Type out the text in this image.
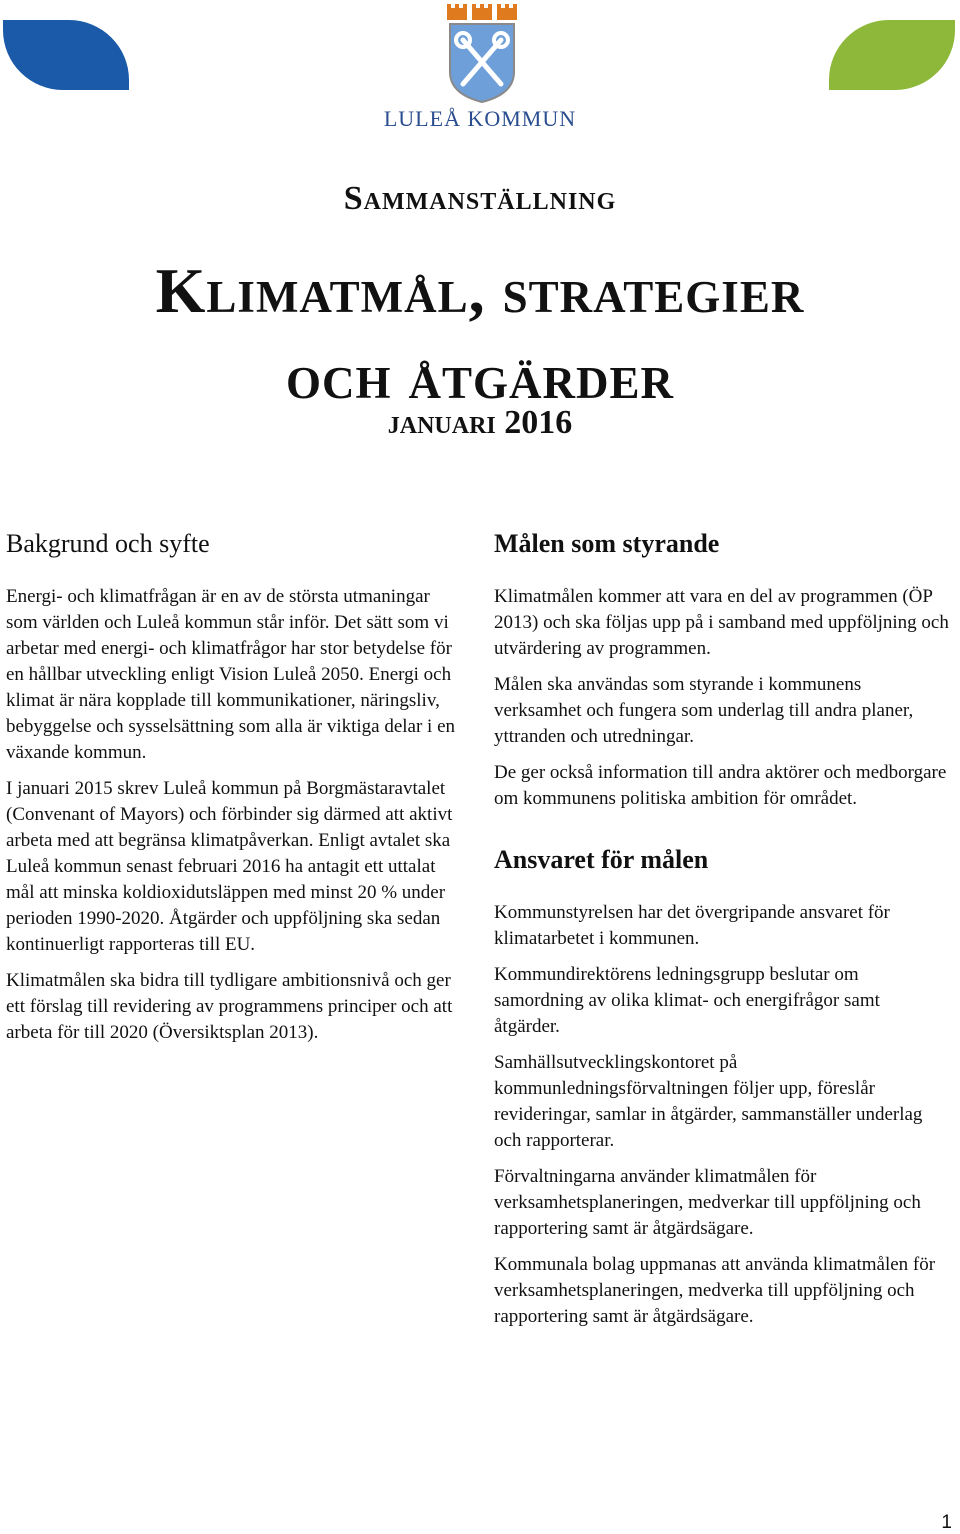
LULEÅ KOMMUN
Sammanställning
Klimatmål, strategier
och åtgärder
januari 2016
Bakgrund och syfte

Energi- och klimatfrågan är en av de största utmaningar som världen och Luleå kommun står inför. Det sätt som vi arbetar med energi- och klimatfrågor har stor betydelse för en hållbar utveckling enligt Vision Luleå 2050. Energi och klimat är nära kopplade till kommunikationer, näringsliv, bebyggelse och sysselsättning som alla är viktiga delar i en växande kommun.

I januari 2015 skrev Luleå kommun på Borgmästaravtalet (Convenant of Mayors) och förbinder sig därmed att aktivt arbeta med att begränsa klimatpåverkan. Enligt avtalet ska Luleå kommun senast februari 2016 ha antagit ett uttalat mål att minska koldioxidutsläppen med minst 20 % under perioden 1990-2020. Åtgärder och uppföljning ska sedan kontinuerligt rapporteras till EU.

Klimatmålen ska bidra till tydligare ambitionsnivå och ger ett förslag till revidering av programmens principer och att arbeta för till 2020 (Översiktsplan 2013).

Målen som styrande

Klimatmålen kommer att vara en del av programmen (ÖP 2013) och ska följas upp på i samband med uppföljning och utvärdering av programmen.

Målen ska användas som styrande i kommunens verksamhet och fungera som underlag till andra planer, yttranden och utredningar.

De ger också information till andra aktörer och medborgare om kommunens politiska ambition för området.

Ansvaret för målen

Kommunstyrelsen har det övergripande ansvaret för klimatarbetet i kommunen.

Kommundirektörens ledningsgrupp beslutar om samordning av olika klimat- och energifrågor samt åtgärder.

Samhällsutvecklingskontoret på kommunledningsförvaltningen följer upp, föreslår revideringar, samlar in åtgärder, sammanställer underlag och rapporterar.

Förvaltningarna använder klimatmålen för verksamhetsplaneringen, medverkar till uppföljning och rapportering samt är åtgärdsägare.

Kommunala bolag uppmanas att använda klimatmålen för verksamhetsplaneringen, medverka till uppföljning och rapportering samt är åtgärdsägare.

1
